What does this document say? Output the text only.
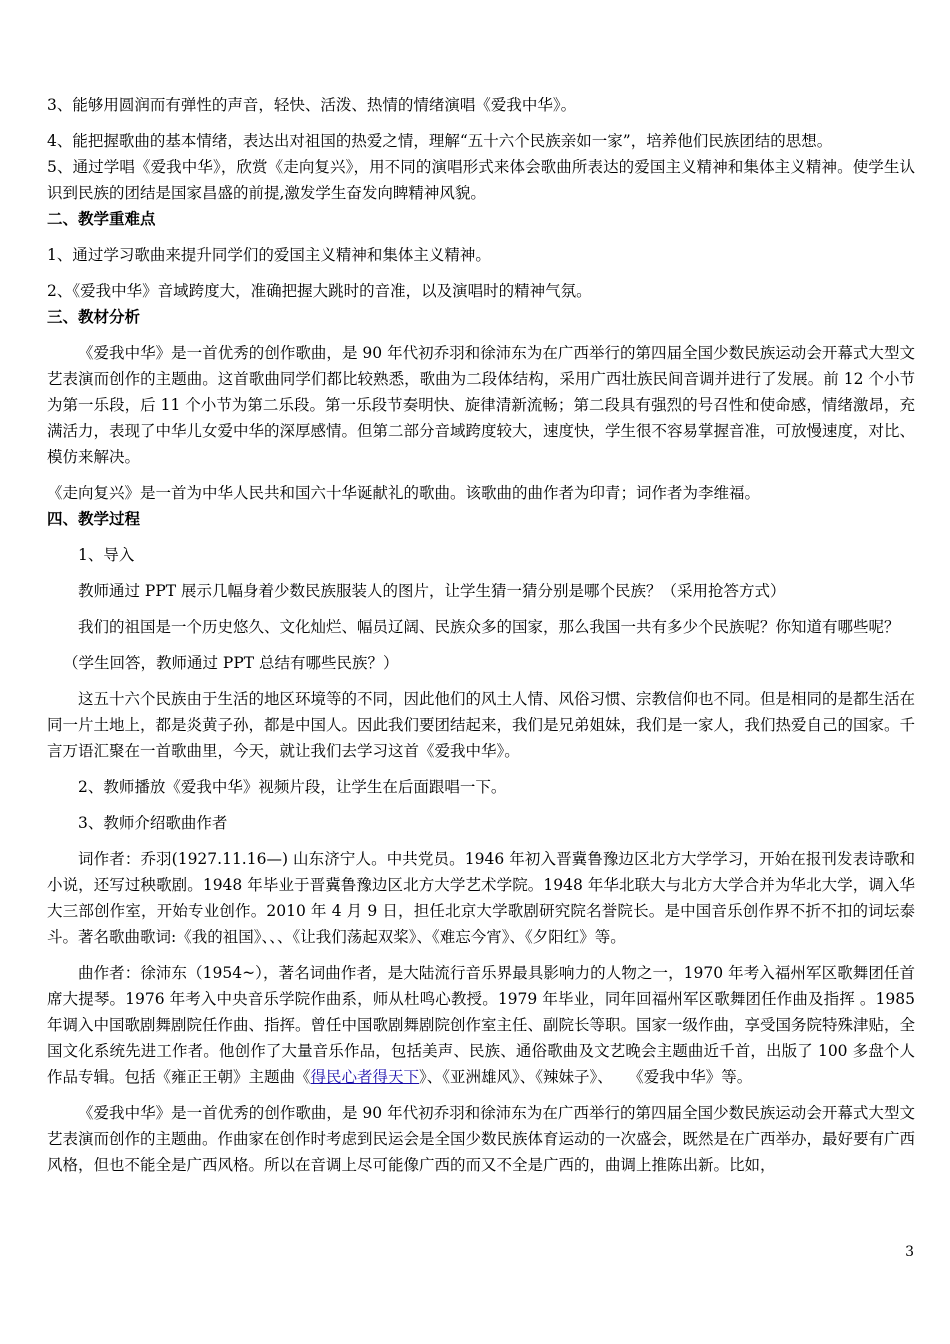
3、能够用圆润而有弹性的声音，轻快、活泼、热情的情绪演唱《爱我中华》。

4、能把握歌曲的基本情绪，表达出对祖国的热爱之情，理解“五十六个民族亲如一家”，培养他们民族团结的思想。

5、通过学唱《爱我中华》，欣赏《走向复兴》，用不同的演唱形式来体会歌曲所表达的爱国主义精神和集体主义精神。使学生认识到民族的团结是国家昌盛的前提,激发学生奋发向睥精神风貌。

二、教学重难点

1、通过学习歌曲来提升同学们的爱国主义精神和集体主义精神。

2、《爱我中华》音域跨度大，准确把握大跳时的音准，以及演唱时的精神气氛。

三、教材分析

《爱我中华》是一首优秀的创作歌曲，是 90 年代初乔羽和徐沛东为在广西举行的第四届全国少数民族运动会开幕式大型文艺表演而创作的主题曲。这首歌曲同学们都比较熟悉，歌曲为二段体结构，采用广西壮族民间音调并进行了发展。前 12 个小节为第一乐段，后 11 个小节为第二乐段。第一乐段节奏明快、旋律清新流畅；第二段具有强烈的号召性和使命感，情绪激昂，充满活力，表现了中华儿女爱中华的深厚感情。但第二部分音域跨度较大，速度快，学生很不容易掌握音准，可放慢速度，对比、模仿来解决。

《走向复兴》是一首为中华人民共和国六十华诞献礼的歌曲。该歌曲的曲作者为印青；词作者为李维福。

四、教学过程

1、导入

教师通过 PPT 展示几幅身着少数民族服装人的图片，让学生猜一猜分别是哪个民族？（采用抢答方式）

我们的祖国是一个历史悠久、文化灿烂、幅员辽阔、民族众多的国家，那么我国一共有多少个民族呢？你知道有哪些呢？

（学生回答，教师通过 PPT 总结有哪些民族？）

这五十六个民族由于生活的地区环境等的不同，因此他们的风土人情、风俗习惯、宗教信仰也不同。但是相同的是都生活在同一片土地上，都是炎黄子孙，都是中国人。因此我们要团结起来，我们是兄弟姐妹，我们是一家人，我们热爱自己的国家。千言万语汇聚在一首歌曲里，今天，就让我们去学习这首《爱我中华》。

2、教师播放《爱我中华》视频片段，让学生在后面跟唱一下。

3、教师介绍歌曲作者

词作者：乔羽(1927.11.16—) 山东济宁人。中共党员。1946 年初入晋冀鲁豫边区北方大学学习，开始在报刊发表诗歌和小说，还写过秧歌剧。1948 年毕业于晋冀鲁豫边区北方大学艺术学院。1948 年华北联大与北方大学合并为华北大学，调入华大三部创作室，开始专业创作。2010 年 4 月 9 日，担任北京大学歌剧研究院名誉院长。是中国音乐创作界不折不扣的词坛泰斗。著名歌曲歌词:《我的祖国》、、、《让我们荡起双桨》、《难忘今宵》、《夕阳红》等。

曲作者：徐沛东（1954~），著名词曲作者，是大陆流行音乐界最具影响力的人物之一，1970 年考入福州军区歌舞团任首席大提琴。1976 年考入中央音乐学院作曲系，师从杜鸣心教授。1979 年毕业，同年回福州军区歌舞团任作曲及指挥 。1985 年调入中国歌剧舞剧院任作曲、指挥。曾任中国歌剧舞剧院创作室主任、副院长等职。国家一级作曲，享受国务院特殊津贴，全国文化系统先进工作者。他创作了大量音乐作品，包括美声、民族、通俗歌曲及文艺晚会主题曲近千首，出版了 100 多盘个人作品专辑。包括《雍正王朝》主题曲《得民心者得天下》、《亚洲雄风》、《辣妹子》、　　《爱我中华》等。

《爱我中华》是一首优秀的创作歌曲，是 90 年代初乔羽和徐沛东为在广西举行的第四届全国少数民族运动会开幕式大型文艺表演而创作的主题曲。作曲家在创作时考虑到民运会是全国少数民族体育运动的一次盛会，既然是在广西举办，最好要有广西风格，但也不能全是广西风格。所以在音调上尽可能像广西的而又不全是广西的，曲调上推陈出新。比如，

3
